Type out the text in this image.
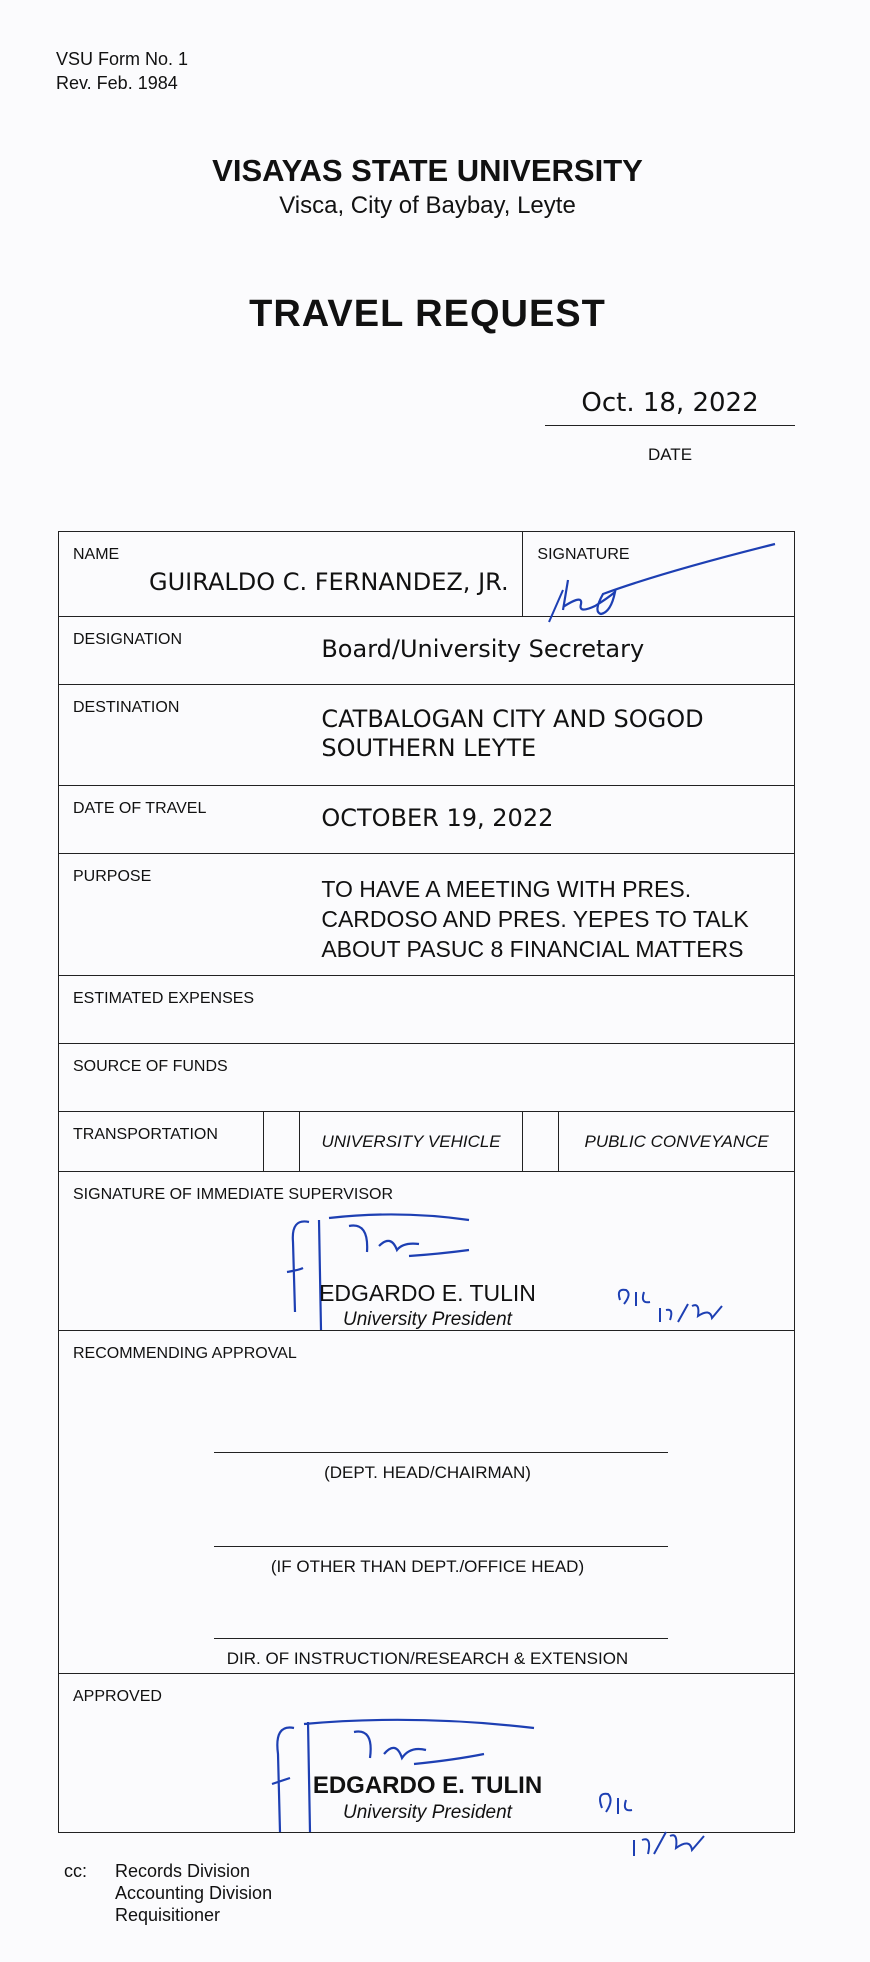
VSU Form No. 1
Rev. Feb. 1984
VISAYAS STATE UNIVERSITY
Visca, City of Baybay, Leyte
TRAVEL REQUEST
Oct. 18, 2022
DATE
NAME
GUIRALDO C. FERNANDEZ, JR.			SIGNATURE	

DESIGNATION	Board/University Secretary			

DESTINATION	CATBALOGAN CITY AND SOGOD
SOUTHERN LEYTE			

DATE OF TRAVEL	OCTOBER 19, 2022			

PURPOSE	TO HAVE A MEETING WITH PRES.
CARDOSO AND PRES. YEPES TO TALK
ABOUT PASUC 8 FINANCIAL MATTERS			

ESTIMATED EXPENSES				

SOURCE OF FUNDS				

TRANSPORTATION		UNIVERSITY VEHICLE		PUBLIC CONVEYANCE

SIGNATURE OF IMMEDIATE SUPERVISOR
EDGARDO E. TULIN
University President				

RECOMMENDING APPROVAL
(DEPT. HEAD/CHAIRMAN)
(IF OTHER THAN DEPT./OFFICE HEAD)
DIR. OF INSTRUCTION/RESEARCH & EXTENSION				

APPROVED
EDGARDO E. TULIN
University President				
cc: Records Division
Accounting Division
Requisitioner
